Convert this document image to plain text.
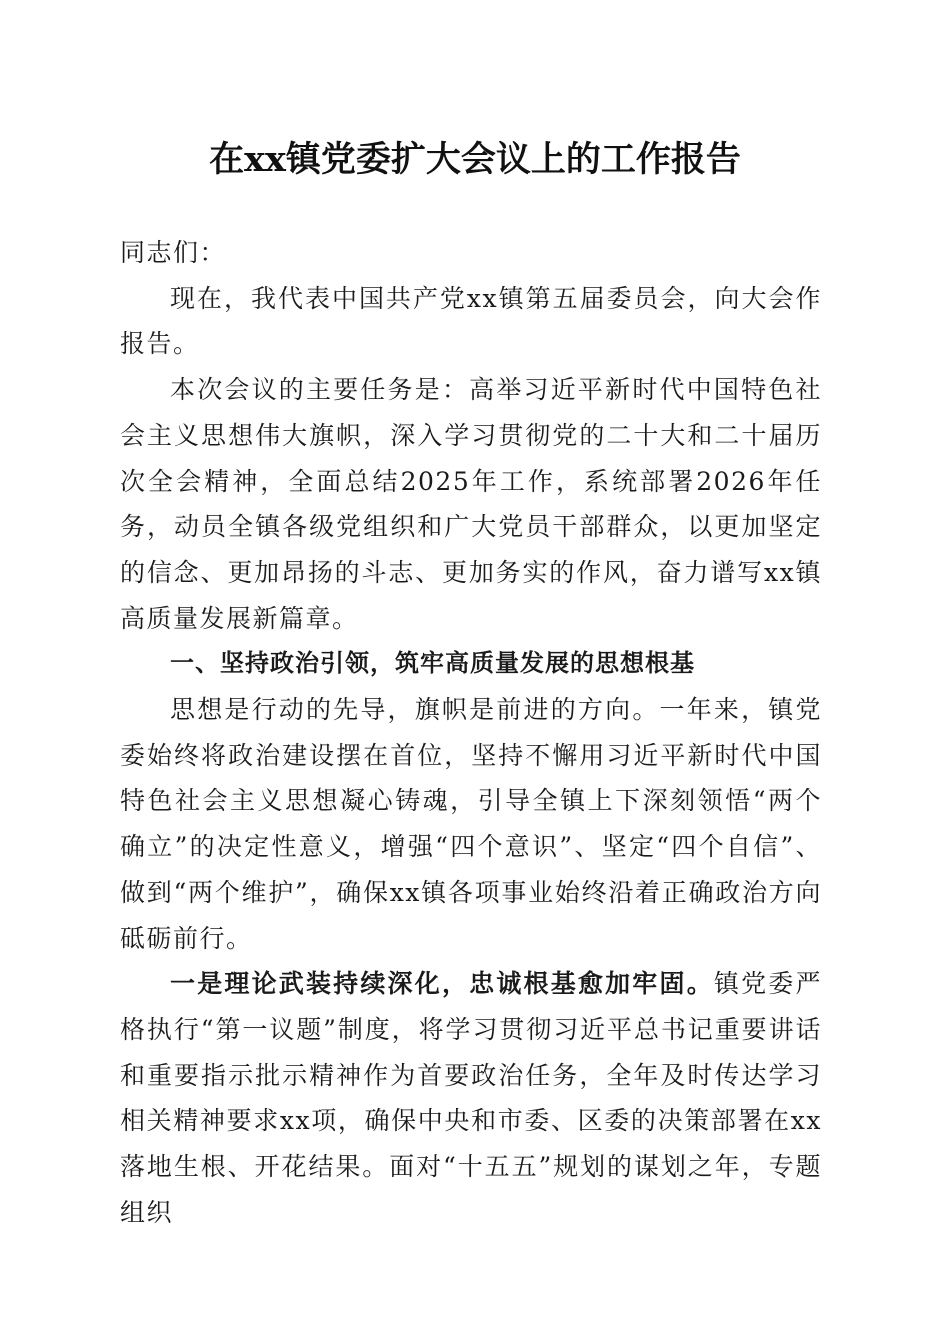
在xx镇党委扩大会议上的工作报告

同志们：

现在，我代表中国共产党xx镇第五届委员会，向大会作报告。

本次会议的主要任务是：高举习近平新时代中国特色社会主义思想伟大旗帜，深入学习贯彻党的二十大和二十届历次全会精神，全面总结2025年工作，系统部署2026年任务，动员全镇各级党组织和广大党员干部群众，以更加坚定的信念、更加昂扬的斗志、更加务实的作风，奋力谱写xx镇高质量发展新篇章。

一、坚持政治引领，筑牢高质量发展的思想根基

思想是行动的先导，旗帜是前进的方向。一年来，镇党委始终将政治建设摆在首位，坚持不懈用习近平新时代中国特色社会主义思想凝心铸魂，引导全镇上下深刻领悟“两个确立”的决定性意义，增强“四个意识”、坚定“四个自信”、做到“两个维护”，确保xx镇各项事业始终沿着正确政治方向砥砺前行。

一是理论武装持续深化，忠诚根基愈加牢固。镇党委严格执行“第一议题”制度，将学习贯彻习近平总书记重要讲话和重要指示批示精神作为首要政治任务，全年及时传达学习相关精神要求xx项，确保中央和市委、区委的决策部署在xx落地生根、开花结果。面对“十五五”规划的谋划之年，专题组织
